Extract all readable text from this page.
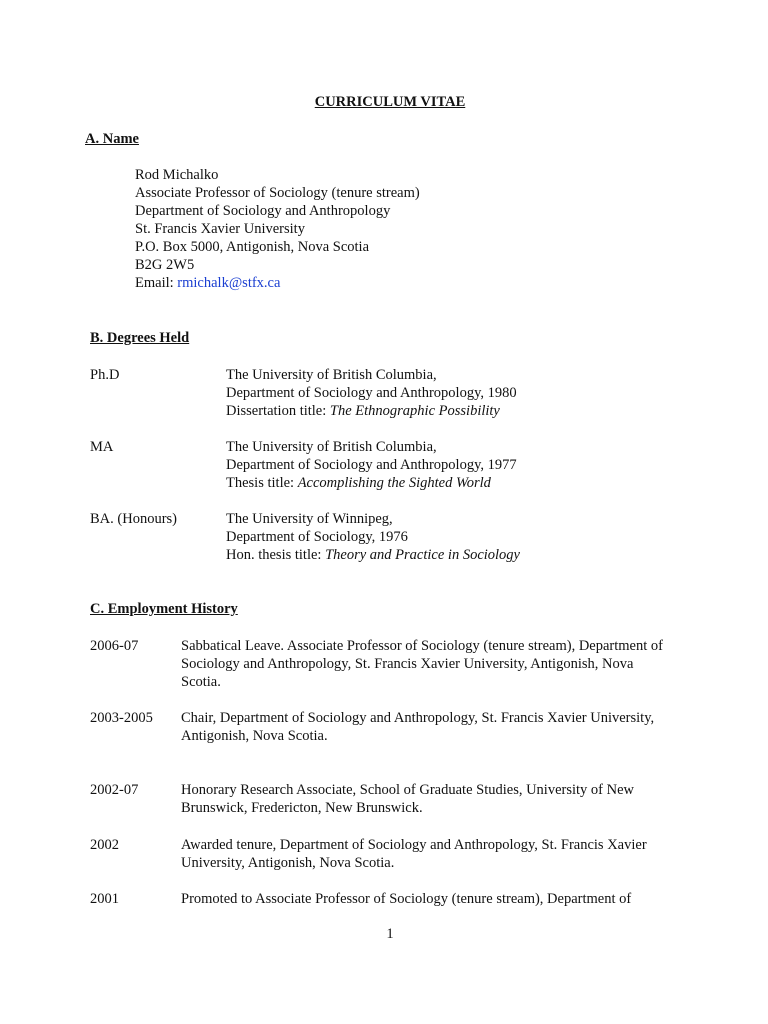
CURRICULUM VITAE
A. Name
Rod Michalko
Associate Professor of Sociology (tenure stream)
Department of Sociology and Anthropology
St. Francis Xavier University
P.O. Box 5000, Antigonish, Nova Scotia
B2G 2W5
Email: rmichalk@stfx.ca
B. Degrees Held
Ph.D	The University of British Columbia,
Department of Sociology and Anthropology, 1980
Dissertation title: The Ethnographic Possibility
MA	The University of British Columbia,
Department of Sociology and Anthropology, 1977
Thesis title: Accomplishing the Sighted World
BA. (Honours)	The University of Winnipeg,
Department of Sociology, 1976
Hon. thesis title: Theory and Practice in Sociology
C. Employment History
2006-07	Sabbatical Leave. Associate Professor of Sociology (tenure stream), Department of
Sociology and Anthropology, St. Francis Xavier University, Antigonish, Nova
Scotia.
2003-2005 Chair, Department of Sociology and Anthropology, St. Francis Xavier University,
Antigonish, Nova Scotia.
2002-07	Honorary Research Associate, School of Graduate Studies, University of New
Brunswick, Fredericton, New Brunswick.
2002	Awarded tenure, Department of Sociology and Anthropology, St. Francis Xavier
University, Antigonish, Nova Scotia.
2001	Promoted to Associate Professor of Sociology (tenure stream), Department of
1
